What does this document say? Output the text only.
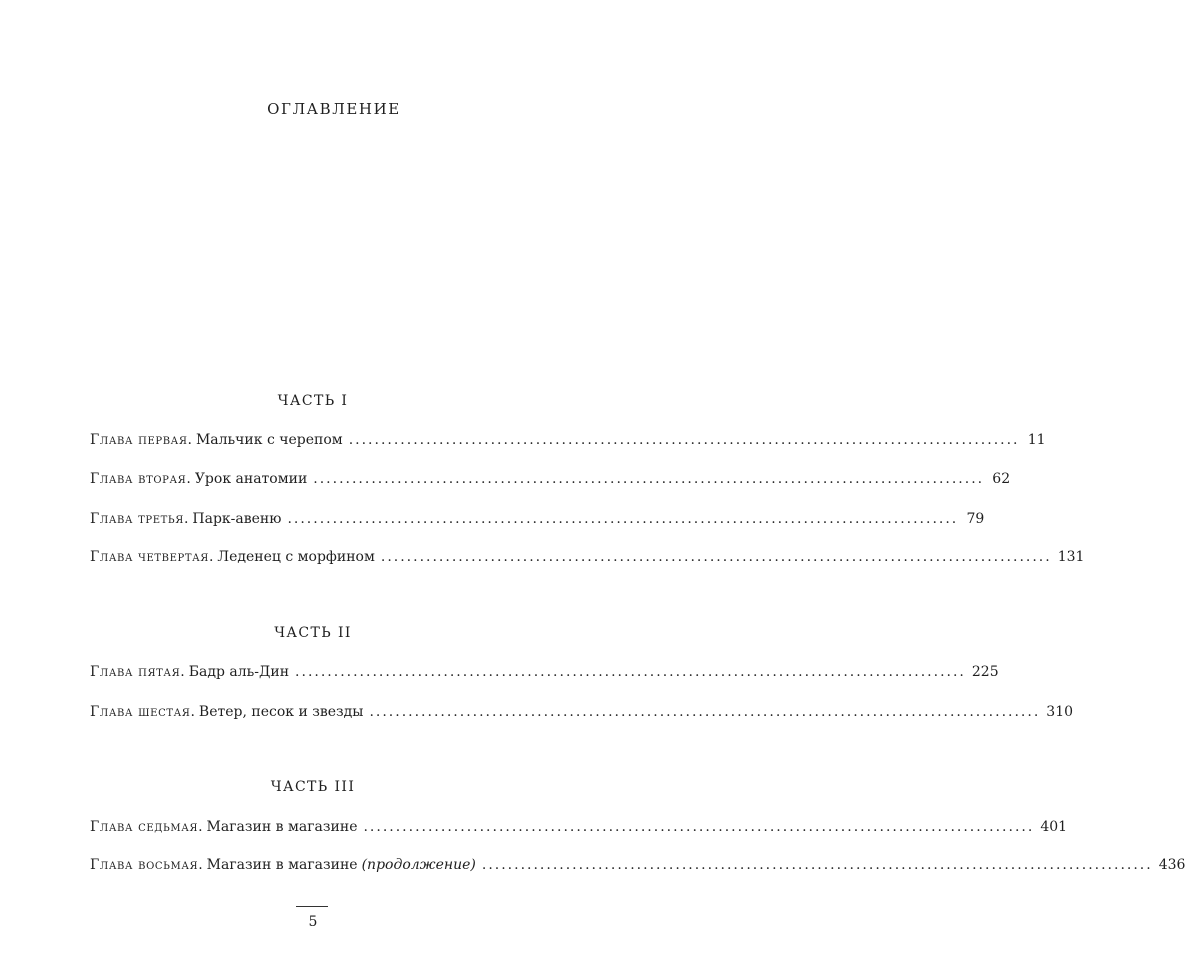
ОГЛАВЛЕНИЕ
ЧАСТЬ I
Глава первая . Мальчик с черепом ........................................................................................................ 11
Глава вторая . Урок анатомии ........................................................................................................ 62
Глава третья . Парк-авеню ........................................................................................................ 79
Глава четвертая . Леденец с морфином ........................................................................................................ 131
ЧАСТЬ II
Глава пятая . Бадр аль-Дин ........................................................................................................ 225
Глава шестая . Ветер, песок и звезды ........................................................................................................ 310
ЧАСТЬ III
Глава седьмая . Магазин в магазине ........................................................................................................ 401
Глава восьмая . Магазин в магазине (продолжение) ........................................................................................................ 436
5
